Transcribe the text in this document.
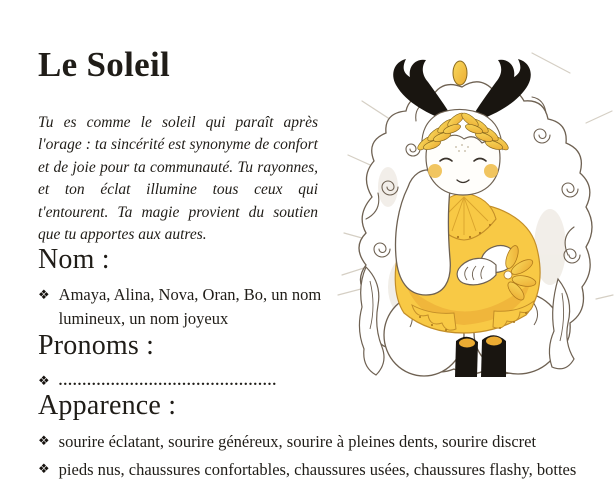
Le Soleil

Tu es comme le soleil qui paraît après l'orage : ta sincérité est synonyme de confort et de joie pour ta communauté. Tu rayonnes, et ton éclat illumine tous ceux qui t'entourent. Ta magie provient du soutien que tu apportes aux autres.

Nom :
❖ Amaya, Alina, Nova, Oran, Bo, un nom lumineux, un nom joyeux
Pronoms :
❖ ..............................................
Apparence :
❖ sourire éclatant, sourire généreux, sourire à pleines dents, sourire discret
❖ pieds nus, chaussures confortables, chaussures usées, chaussures flashy, bottes
